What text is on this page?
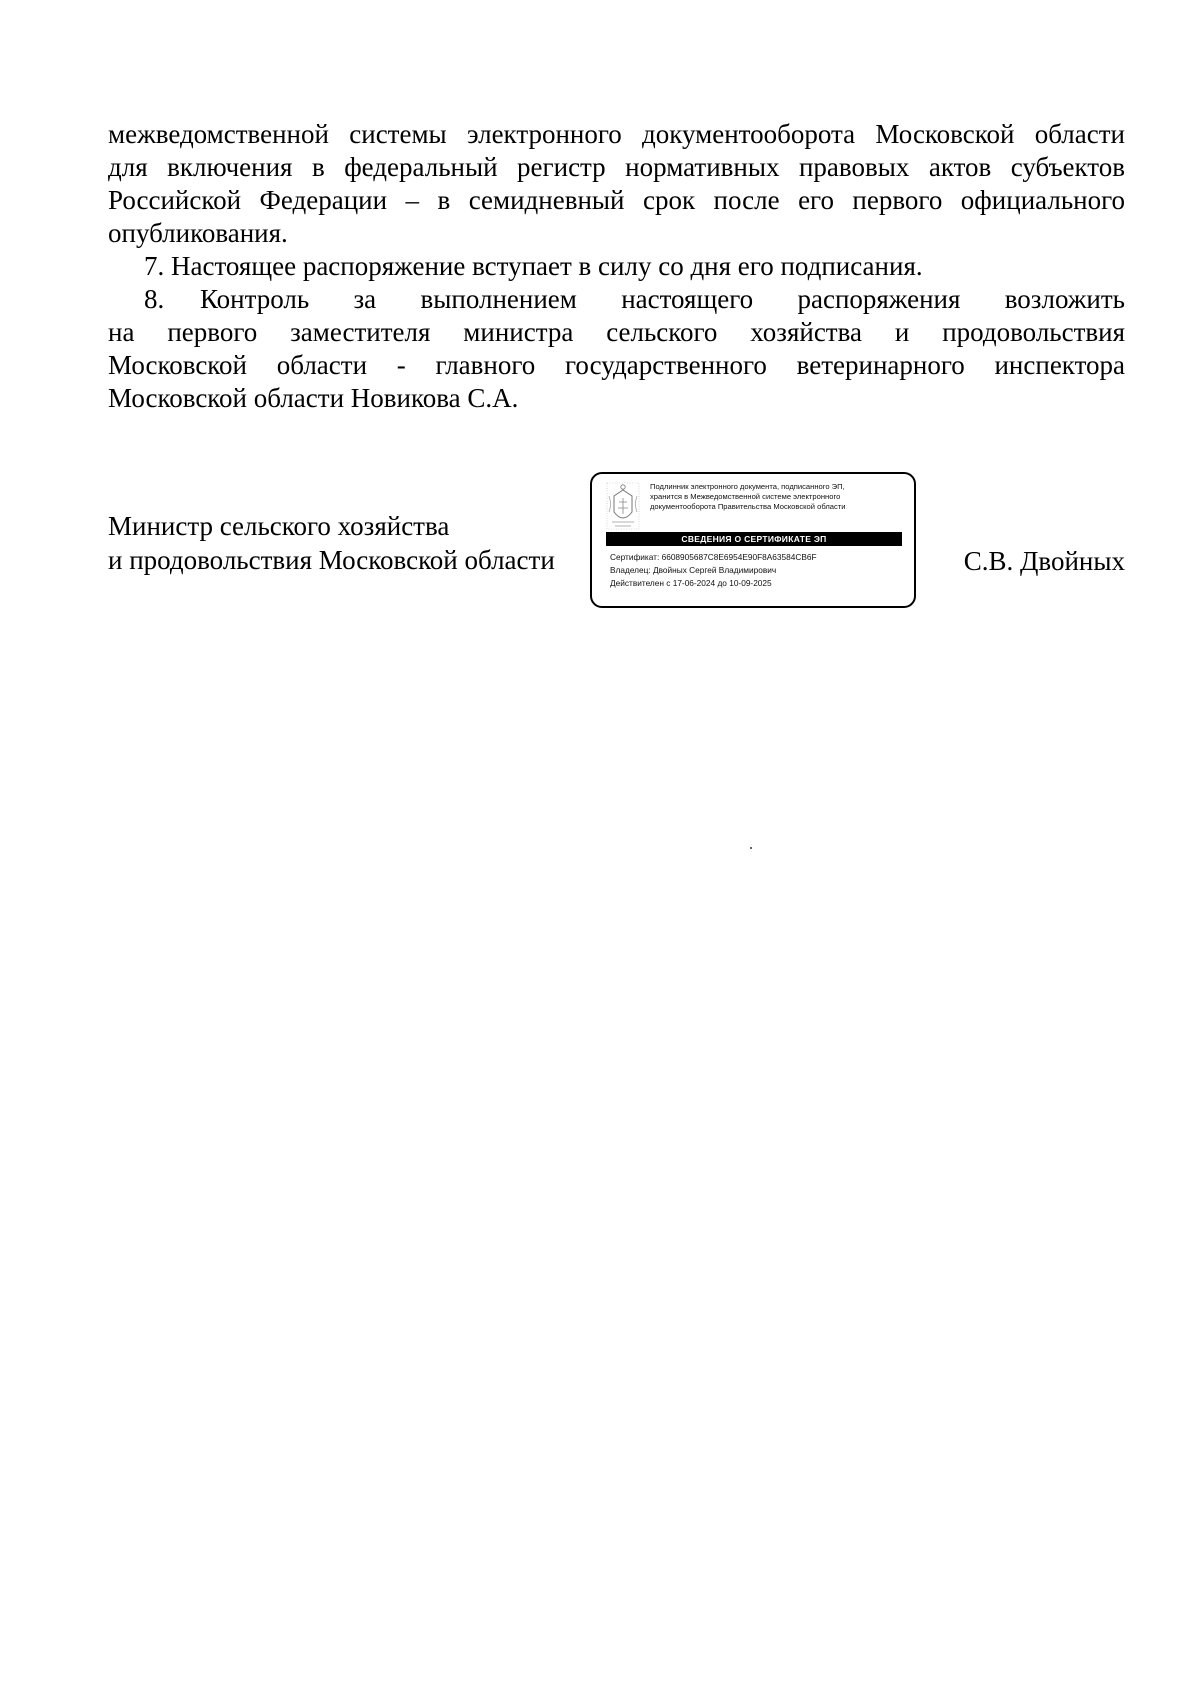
межведомственной системы электронного документооборота Московской области
для включения в федеральный регистр нормативных правовых актов субъектов
Российской Федерации – в семидневный срок после его первого официального
опубликования.
7. Настоящее распоряжение вступает в силу со дня его подписания.
8. Контроль за выполнением настоящего распоряжения возложить
на первого заместителя министра сельского хозяйства и продовольствия
Московской области - главного государственного ветеринарного инспектора
Московской области Новикова С.А.
Министр сельского хозяйства
и продовольствия Московской области	С.В. Двойных
Подлинник электронного документа, подписанного ЭП,
хранится в Межведомственной системе электронного
документооборота Правительства Московской области
СВЕДЕНИЯ О СЕРТИФИКАТЕ ЭП
Сертификат: 6608905687C8E6954E90F8A63584CB6F
Владелец: Двойных Сергей Владимирович
Действителен с 17-06-2024 до 10-09-2025
